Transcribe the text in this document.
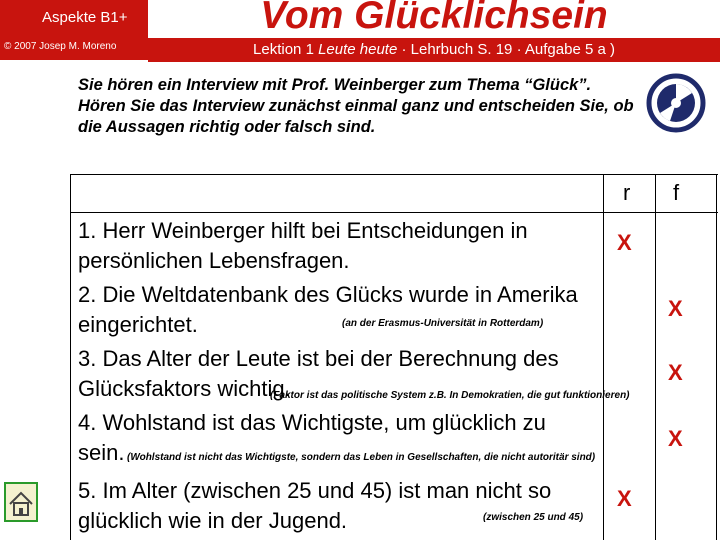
Aspekte B1+
© 2007 Josep M. Moreno
Vom Glücklichsein
Lektion 1 Leute heute · Lehrbuch S. 19 · Aufgabe 5 a )
Sie hören ein Interview mit Prof. Weinberger zum Thema “Glück”. Hören Sie das Interview zunächst einmal ganz und entscheiden Sie, ob die Aussagen richtig oder falsch sind.
r f
1. Herr Weinberger hilft bei Entscheidungen in persönlichen Lebensfragen.
X
2. Die Weltdatenbank des Glücks wurde in Amerika eingerichtet.	(an der Erasmus-Universität in Rotterdam)
X
3. Das Alter der Leute ist bei der Berechnung des Glücksfaktors wichtig.
(Faktor ist das politische System z.B. In Demokratien, die gut funktionieren)
X
4. Wohlstand ist das Wichtigste, um glücklich zu sein. (Wohlstand ist nicht das Wichtigste, sondern das Leben in Gesellschaften, die nicht autoritär sind)
X
5. Im Alter (zwischen 25 und 45) ist man nicht so glücklich wie in der Jugend.	(zwischen 25 und 45)
X
